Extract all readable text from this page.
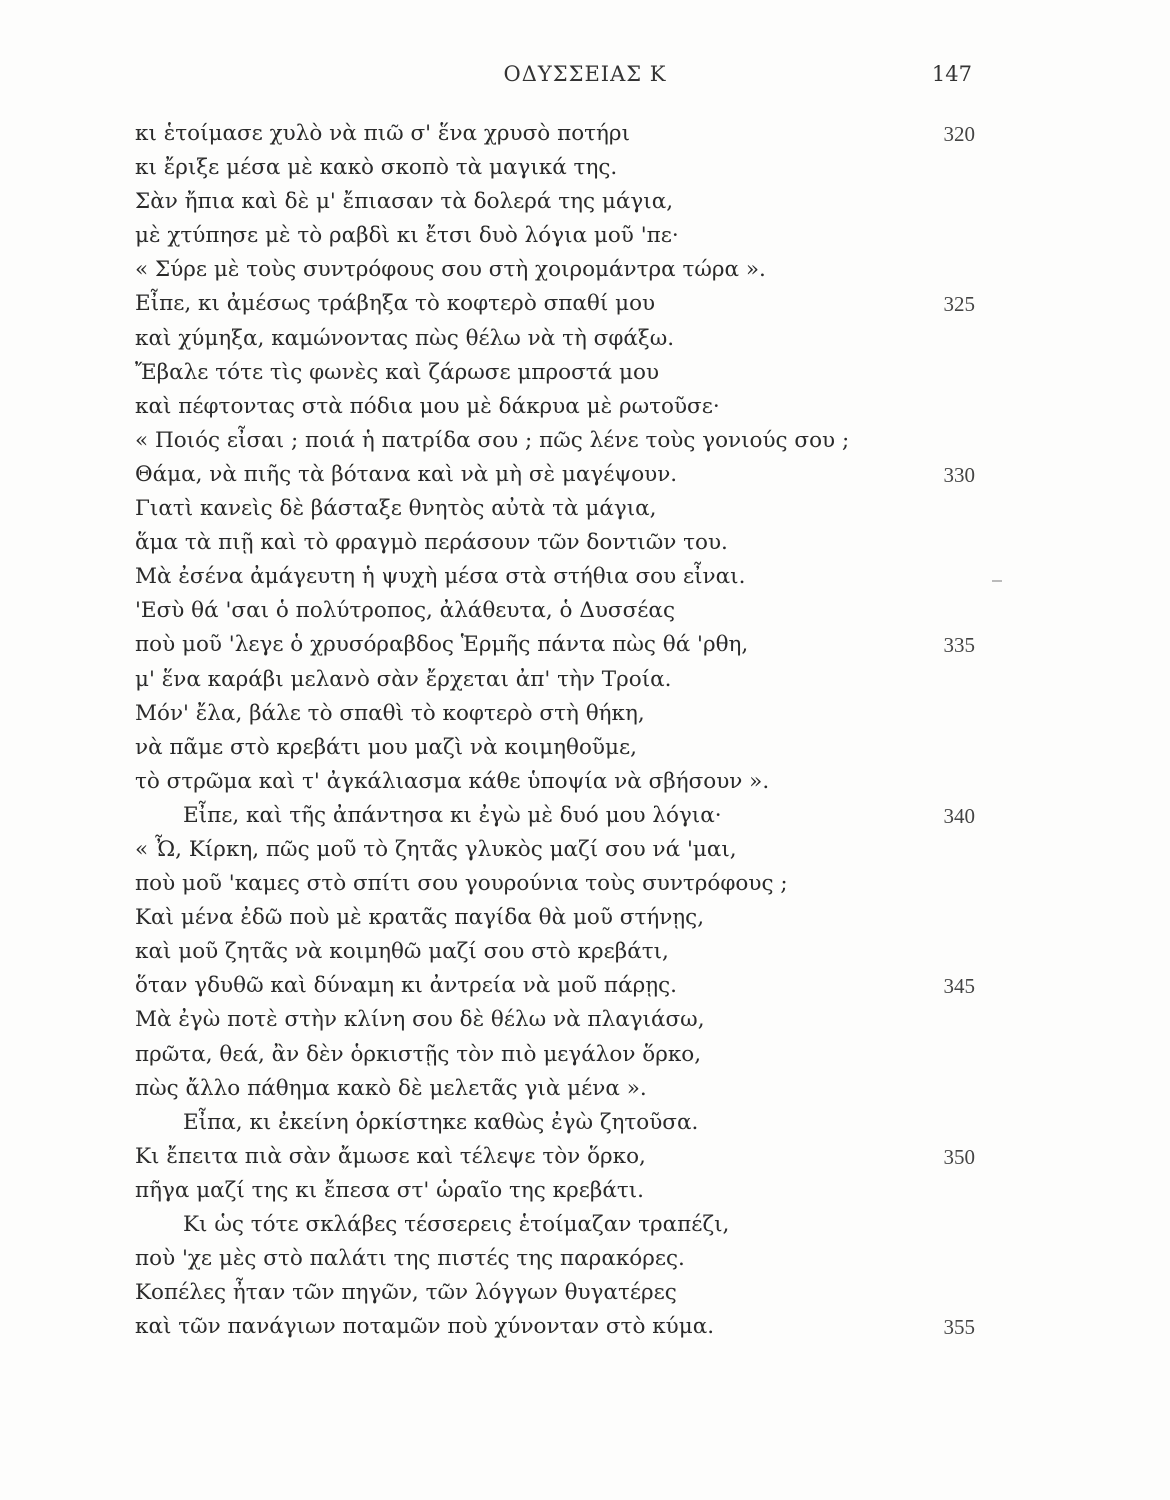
ΟΔΥΣΣΕΙΑΣ Κ	147
κι ἑτοίμασε χυλὸ νὰ πιῶ σ' ἕνα χρυσὸ ποτήρι	320
κι ἔριξε μέσα μὲ κακὸ σκοπὸ τὰ μαγικά της.
Σὰν ἤπια καὶ δὲ μ' ἔπιασαν τὰ δολερά της μάγια,
μὲ χτύπησε μὲ τὸ ραβδὶ κι ἔτσι δυὸ λόγια μοῦ 'πε·
« Σύρε μὲ τοὺς συντρόφους σου στὴ χοιρομάντρα τώρα ».
Εἶπε, κι ἀμέσως τράβηξα τὸ κοφτερὸ σπαθί μου	325
καὶ χύμηξα, καμώνοντας πὼς θέλω νὰ τὴ σφάξω.
Ἔβαλε τότε τὶς φωνὲς καὶ ζάρωσε μπροστά μου
καὶ πέφτοντας στὰ πόδια μου μὲ δάκρυα μὲ ρωτοῦσε·
« Ποιός εἶσαι ; ποιά ἡ πατρίδα σου ; πῶς λένε τοὺς γονιούς σου ;
Θάμα, νὰ πιῆς τὰ βότανα καὶ νὰ μὴ σὲ μαγέψουν.	330
Γιατὶ κανεὶς δὲ βάσταξε θνητὸς αὐτὰ τὰ μάγια,
ἅμα τὰ πιῇ καὶ τὸ φραγμὸ περάσουν τῶν δοντιῶν του.
Μὰ ἐσένα ἀμάγευτη ἡ ψυχὴ μέσα στὰ στήθια σου εἶναι.
'Εσὺ θά 'σαι ὁ πολύτροπος, ἀλάθευτα, ὁ Δυσσέας
ποὺ μοῦ 'λεγε ὁ χρυσόραβδος Ἑρμῆς πάντα πὼς θά 'ρθη,	335
μ' ἕνα καράβι μελανὸ σὰν ἔρχεται ἀπ' τὴν Τροία.
Μόν' ἔλα, βάλε τὸ σπαθὶ τὸ κοφτερὸ στὴ θήκη,
νὰ πᾶμε στὸ κρεβάτι μου μαζὶ νὰ κοιμηθοῦμε,
τὸ στρῶμα καὶ τ' ἀγκάλιασμα κάθε ὑποψία νὰ σβήσουν ».
Εἶπε, καὶ τῆς ἀπάντησα κι ἐγὼ μὲ δυό μου λόγια·	340
« Ὦ, Κίρκη, πῶς μοῦ τὸ ζητᾶς γλυκὸς μαζί σου νά 'μαι,
ποὺ μοῦ 'καμες στὸ σπίτι σου γουρούνια τοὺς συντρόφους ;
Καὶ μένα ἐδῶ ποὺ μὲ κρατᾶς παγίδα θὰ μοῦ στήνῃς,
καὶ μοῦ ζητᾶς νὰ κοιμηθῶ μαζί σου στὸ κρεβάτι,
ὅταν γδυθῶ καὶ δύναμη κι ἀντρεία νὰ μοῦ πάρῃς.	345
Μὰ ἐγὼ ποτὲ στὴν κλίνη σου δὲ θέλω νὰ πλαγιάσω,
πρῶτα, θεά, ἂν δὲν ὁρκιστῇς τὸν πιὸ μεγάλον ὅρκο,
πὼς ἄλλο πάθημα κακὸ δὲ μελετᾶς γιὰ μένα ».
Εἶπα, κι ἐκείνη ὁρκίστηκε καθὼς ἐγὼ ζητοῦσα.
Κι ἔπειτα πιὰ σὰν ἄμωσε καὶ τέλεψε τὸν ὅρκο,	350
πῆγα μαζί της κι ἔπεσα στ' ὡραῖο της κρεβάτι.
Κι ὡς τότε σκλάβες τέσσερεις ἑτοίμαζαν τραπέζι,
ποὺ 'χε μὲς στὸ παλάτι της πιστές της παρακόρες.
Κοπέλες ἦταν τῶν πηγῶν, τῶν λόγγων θυγατέρες
καὶ τῶν πανάγιων ποταμῶν ποὺ χύνονταν στὸ κύμα.	355
